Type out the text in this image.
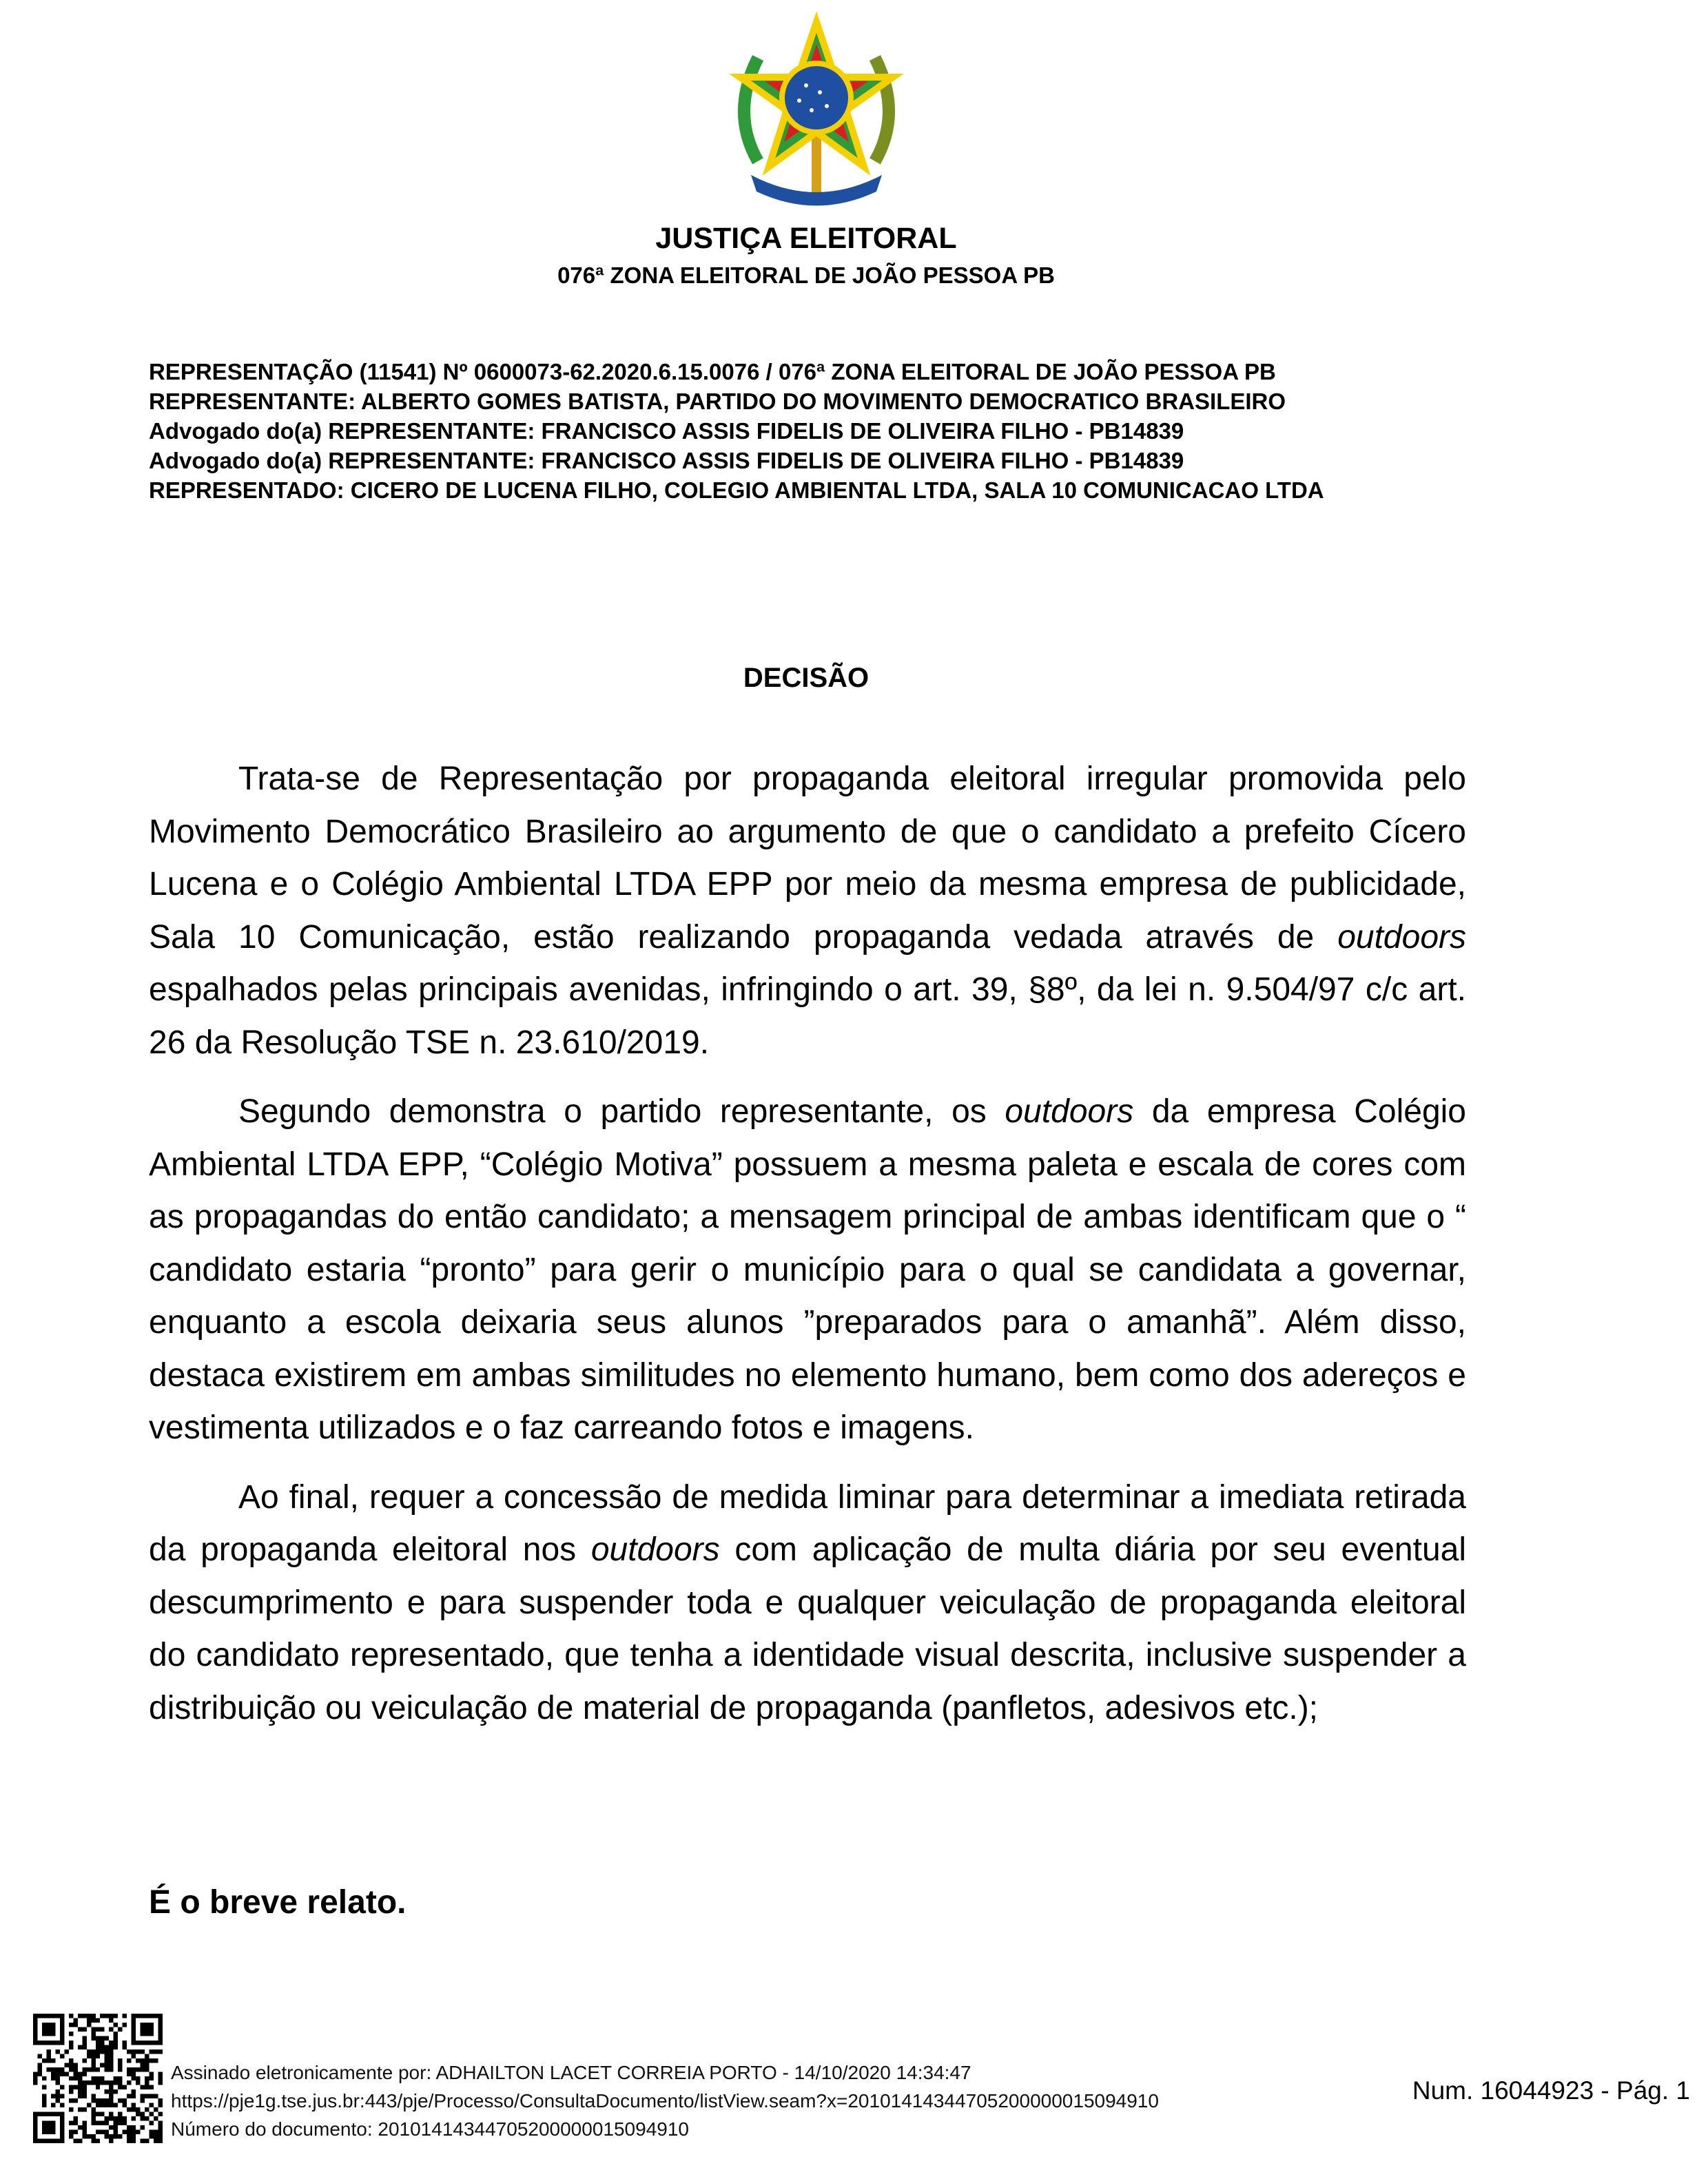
JUSTIÇA ELEITORAL
076ª ZONA ELEITORAL DE JOÃO PESSOA PB
REPRESENTAÇÃO (11541) Nº 0600073-62.2020.6.15.0076 / 076ª ZONA ELEITORAL DE JOÃO PESSOA PB
REPRESENTANTE: ALBERTO GOMES BATISTA, PARTIDO DO MOVIMENTO DEMOCRATICO BRASILEIRO
Advogado do(a) REPRESENTANTE: FRANCISCO ASSIS FIDELIS DE OLIVEIRA FILHO - PB14839
Advogado do(a) REPRESENTANTE: FRANCISCO ASSIS FIDELIS DE OLIVEIRA FILHO - PB14839
REPRESENTADO: CICERO DE LUCENA FILHO, COLEGIO AMBIENTAL LTDA, SALA 10 COMUNICACAO LTDA
DECISÃO

Trata-se de Representação por propaganda eleitoral irregular promovida pelo Movimento Democrático Brasileiro ao argumento de que o candidato a prefeito Cícero Lucena e o Colégio Ambiental LTDA EPP por meio da mesma empresa de publicidade, Sala 10 Comunicação, estão realizando propaganda vedada através de outdoors espalhados pelas principais avenidas, infringindo o art. 39, §8º, da lei n. 9.504/97 c/c art. 26 da Resolução TSE n. 23.610/2019.

Segundo demonstra o partido representante, os outdoors da empresa Colégio Ambiental LTDA EPP, “Colégio Motiva” possuem a mesma paleta e escala de cores com as propagandas do então candidato; a mensagem principal de ambas identificam que o “ candidato estaria “pronto” para gerir o município para o qual se candidata a governar, enquanto a escola deixaria seus alunos ”preparados para o amanhã”. Além disso, destaca existirem em ambas similitudes no elemento humano, bem como dos adereços e vestimenta utilizados e o faz carreando fotos e imagens.

Ao final, requer a concessão de medida liminar para determinar a imediata retirada da propaganda eleitoral nos outdoors com aplicação de multa diária por seu eventual descumprimento e para suspender toda e qualquer veiculação de propaganda eleitoral do candidato representado, que tenha a identidade visual descrita, inclusive suspender a distribuição ou veiculação de material de propaganda (panfletos, adesivos etc.);

É o breve relato.
Assinado eletronicamente por: ADHAILTON LACET CORREIA PORTO - 14/10/2020 14:34:47
https://pje1g.tse.jus.br:443/pje/Processo/ConsultaDocumento/listView.seam?x=20101414344705200000015094910
Número do documento: 20101414344705200000015094910
Num. 16044923 - Pág. 1
